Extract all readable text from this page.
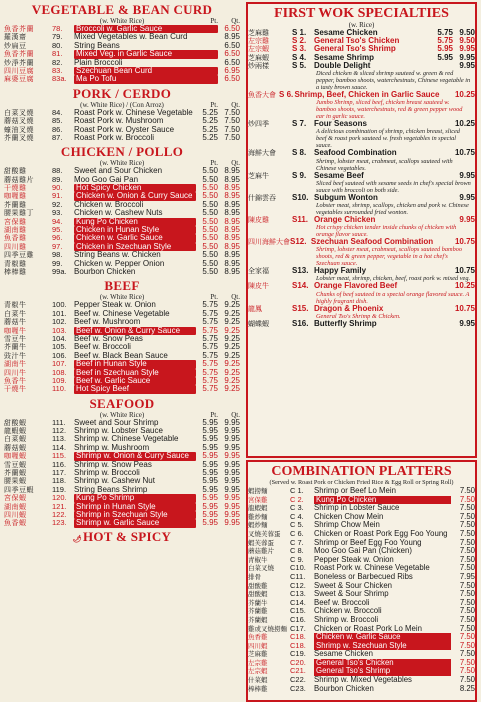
VEGETABLE & BEAN CURD
(w. White Rice)	Pt. Qt.
魚香芥蘭	78.	Broccoli w. Garlic Sauce	6.50
羅漢齋	79.	Mixed Vegetables w. Bean Curd	8.95
炒扁豆	80.	String Beans	6.50
魚香芥蘭	81.	Mixed Veg. in Garlic Sauce	6.50
炒淨芥蘭	82.	Plain Broccoli	6.50
四川豆腐	83.	Szechuan Bean Curd	6.95
麻婆豆腐	83a.	Ma Po Tofu	6.50
PORK / CERDO
(w. White Rice) / (Con Arroz)	Pt. Qt.
白菜叉燒	84.	Roast Pork w. Chinese Vegetable	5.25 7.50
蘑菇叉燒	85.	Roast Pork w. Mushroom	5.25 7.50
蠔油叉燒	86.	Roast Pork w. Oyster Sauce	5.25 7.50
芥蘭叉燒	87.	Roast Pork w. Broccoli	5.25 7.50
CHICKEN / POLLO
(w. White Rice)	Pt. Qt.
甜酸雞	88.	Sweet and Sour Chicken	5.50 8.95
蘑菇雞片	89.	Moo Goo Gai Pan	5.50 8.95
干燒雞	90.	Hot Spicy Chicken	5.50 8.95
咖喱雞	91.	Chicken w. Onion & Curry Sauce	5.50 8.95
芥蘭雞	92.	Chicken w. Broccoli	5.50 8.95
腰果雞丁	93.	Chicken w. Cashew Nuts	5.50 8.95
宮保雞	94.	Kung Po Chicken	5.50 8.95
湖南雞	95.	Chicken in Hunan Style	5.50 8.95
魚香雞	96.	Chicken w. Garlic Sauce	5.50 8.95
四川雞	97.	Chicken in Szechuan Style	5.50 8.95
四季豆雞	98.	String Beans w. Chicken	5.50 8.95
青椒雞	99.	Chicken w. Pepper Onion	5.50 8.95
棒棒雞	99a. Bourbon Chicken	5.50 8.95
BEEF
(w. White Rice)	Pt. Qt.
青椒牛	100. Pepper Steak w. Onion	5.75 9.25
白菜牛	101. Beef w. Chinese Vegetable	5.75 9.25
蘑菇牛	102. Beef w. Mushroom	5.75 9.25
咖喱牛	103.	Beef w. Onion & Curry Sauce	5.75 9.25
雪豆牛	104. Beef w. Snow Peas	5.75 9.25
芥蘭牛	105. Beef w. Broccoli	5.75 9.25
豉汁牛	106. Beef w. Black Bean Sauce	5.75 9.25
湖南牛	107.	Beef in Hunan Style	5.75 9.25
四川牛	108.	Beef in Szechuan Style	5.75 9.25
魚香牛	109.	Beef w. Garlic Sauce	5.75 9.25
干燒牛	110.	Hot Spicy Beef	5.75 9.25
SEAFOOD
(w. White Rice)	Pt. Qt.
甜酸蝦	111.	Sweet and Sour Shrimp	5.95 9.95
龍蝦蝦	112. Shrimp w. Lobster Sauce	5.95 9.95
白菜蝦	113. Shrimp w. Chinese Vegetable	5.95 9.95
蘑菇蝦	114. Shrimp w. Mushroom	5.95 9.95
咖喱蝦	115.	Shrimp w. Onion & Curry Sauce	5.95 9.95
雪豆蝦	116. Shrimp w. Snow Peas	5.95 9.95
芥蘭蝦	117. Shrimp w. Broccoli	5.95 9.95
腰果蝦	118. Shrimp w. Cashew Nut	5.95 9.95
四季豆蝦	119. String Beans Shrimp	5.95 9.95
宮保蝦	120.	Kung Po Shrimp	5.95 9.95
湖南蝦	121.	Shrimp in Hunan Style	5.95 9.95
四川蝦	122.	Shrimp in Szechuan Style	5.95 9.95
魚香蝦	123.	Shrimp w. Garlic Sauce	5.95 9.95
🌶︎HOT & SPICY
FIRST WOK SPECIALTIES
(w. Rice)
芝麻雞	S 1. Sesame Chicken	5.75 9.50
左宗雞	S 2. General Tso's Chicken	5.75 9.50
左宗蝦	S 3. General Tso's Shrimp	5.95 9.95
芝麻蝦	S 4. Sesame Shrimp	5.95 9.95
炒兩樣	S 5. Double Delight	9.95
Diced chicken & sliced shrimp sauteed w. green & red pepper, bamboo shoots, waterchestnuts, Chinese vegetable in a tasty brown sauce.
魚香大會 S 6. Shrimp, Beef, Chicken in Garlic Sauce 10.25
Jumbo Shrimp, sliced beef, chicken breast sauteed w. bamboo shoots, waterchestnuts, red & green pepper wood ear in garlic sauce.
炒四季	S 7. Four Seasons	10.25
A delicious combination of shrimp, chicken breast, sliced beef & roast pork sauteed w. fresh vegetables in special sauce.
海鮮大會	S 8. Seafood Combination	10.75
Shrimp, lobster meat, crabmeat, scallops sauteed with Chinese vegetables.
芝麻牛	S 9. Sesame Beef	9.95
Sliced beef sauteed with sesame seeds in chef's special brown sauce with broccoli on both side.
什錦雲吞	S10. Subgum Wonton	9.95
Lobster meat, shrimp, scallops, chicken and pork w. Chinese vegetables surrounded fried wonton.
陳皮雞	S11. Orange Chicken	9.95
Hot crispy chicken tender inside chunks of chicken with orange flavor sauce.
四川海鮮大會 S12. Szechuan Seafood Combination	10.75
Shrimp, lobster meat, crabmeat, scallops sauteed bamboo shoots, red & green pepper, vegetable in a hot chef's Szechuan sauce.
全家福	S13. Happy Family	10.75
Lobster meat, shrimp, chicken, beef, roast pork w. mixed veg.
陳皮牛	S14. Orange Flavored Beef	10.25
Chunks of beef sauteed in a special orange flavored sauce. A highly fragrant dish.
龍鳳	S15. Dragon & Phoenix	10.75
General Tso's Shrimp & Chicken.
蝴蝶蝦	S16. Butterfly Shrimp	9.95
COMBINATION PLATTERS
(Served w. Roast Pork or Chicken Fried Rice & Egg Roll or Spring Roll)
蝦撈麵	C 1.	Shrimp or Beef Lo Mein	7.50
宮保雞	C 2.	Kung Po Chicken	7.50
龍蝦蝦	C 3.	Shrimp in Lobster Sauce	7.50
雞炒麵	C 4.	Chicken Chow Mein	7.50
蝦炒麵	C 5.	Shrimp Chow Mein	7.50
叉燒芙蓉蛋	C 6.	Chicken or Roast Pork Egg Foo Young	7.50
蝦芙蓉蛋	C 7.	Shrimp or Beef Egg Foo Young	7.50
蘑菇雞片	C 8.	Moo Goo Gai Pan (Chicken)	7.50
青椒牛	C 9.	Pepper Steak w. Onion	7.50
白菜叉燒	C10.	Roast Pork w. Chinese Vegetable	7.50
排骨	C11.	Boneless or Barbecued Ribs	7.95
甜酸雞	C12.	Sweet & Sour Chicken	7.50
甜酸蝦	C13.	Sweet & Sour Shrimp	7.50
芥蘭牛	C14.	Beef w. Broccoli	7.50
芥蘭雞	C15.	Chicken w. Broccoli	7.50
芥蘭蝦	C16.	Shrimp w. Broccoli	7.50
雞或叉燒撈麵 C17.	Chicken or Roast Pork Lo Mein	7.50
魚香雞	C18.	Chicken w. Garlic Sauce	7.50
四川蝦	C18.	Shrimp w. Szechuan Style	7.50
芝麻雞	C19.	Sesame Chicken	7.50
左宗雞	C20.	General Tso's Chicken	7.50
左宗蝦	C21.	General Tso's Shrimp	7.50
什菜蝦	C22.	Shrimp w. Mixed Vegetables	7.50
棒棒雞	C23.	Bourbon Chicken	8.25
